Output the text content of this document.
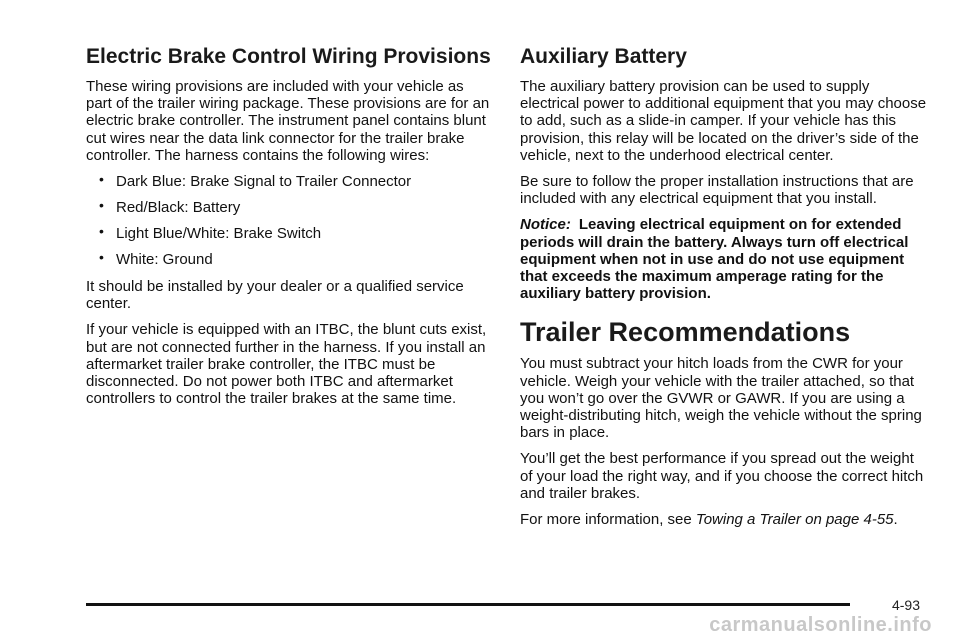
Electric Brake Control Wiring Provisions

These wiring provisions are included with your vehicle as part of the trailer wiring package. These provisions are for an electric brake controller. The instrument panel contains blunt cut wires near the data link connector for the trailer brake controller. The harness contains the following wires:

• Dark Blue: Brake Signal to Trailer Connector
• Red/Black: Battery
• Light Blue/White: Brake Switch
• White: Ground

It should be installed by your dealer or a qualified service center.

If your vehicle is equipped with an ITBC, the blunt cuts exist, but are not connected further in the harness. If you install an aftermarket trailer brake controller, the ITBC must be disconnected. Do not power both ITBC and aftermarket controllers to control the trailer brakes at the same time.

Auxiliary Battery

The auxiliary battery provision can be used to supply electrical power to additional equipment that you may choose to add, such as a slide-in camper. If your vehicle has this provision, this relay will be located on the driver’s side of the vehicle, next to the underhood electrical center.

Be sure to follow the proper installation instructions that are included with any electrical equipment that you install.

Notice: Leaving electrical equipment on for extended periods will drain the battery. Always turn off electrical equipment when not in use and do not use equipment that exceeds the maximum amperage rating for the auxiliary battery provision.

Trailer Recommendations

You must subtract your hitch loads from the CWR for your vehicle. Weigh your vehicle with the trailer attached, so that you won’t go over the GVWR or GAWR. If you are using a weight-distributing hitch, weigh the vehicle without the spring bars in place.

You’ll get the best performance if you spread out the weight of your load the right way, and if you choose the correct hitch and trailer brakes.

For more information, see Towing a Trailer on page 4-55.

4-93
carmanualsonline.info
